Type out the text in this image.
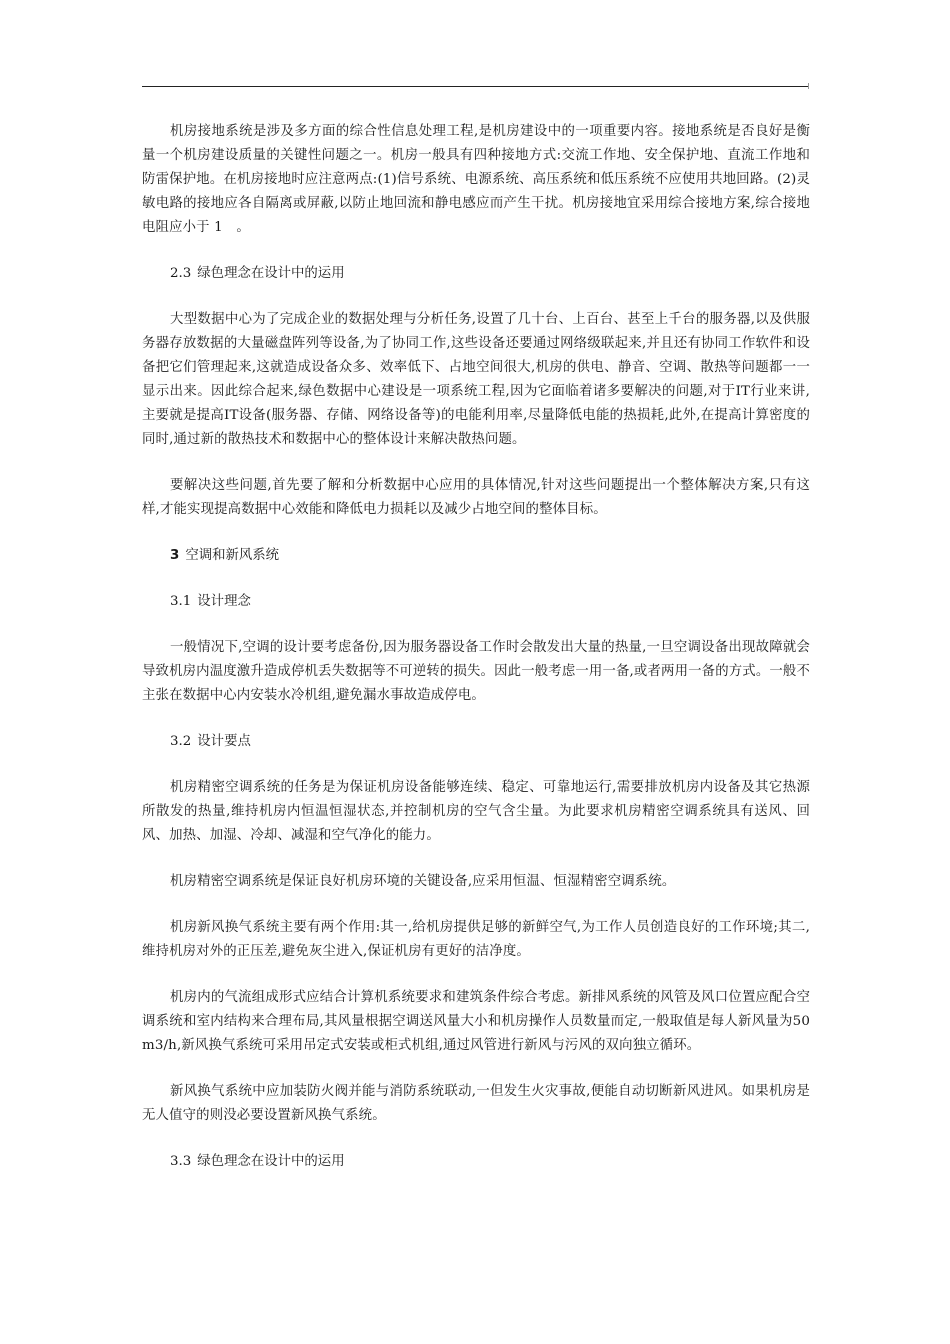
机房接地系统是涉及多方面的综合性信息处理工程,是机房建设中的一项重要内容。接地系统是否良好是衡量一个机房建设质量的关键性问题之一。机房一般具有四种接地方式:交流工作地、安全保护地、直流工作地和防雷保护地。在机房接地时应注意两点:(1)信号系统、电源系统、高压系统和低压系统不应使用共地回路。(2)灵敏电路的接地应各自隔离或屏蔽,以防止地回流和静电感应而产生干扰。机房接地宜采用综合接地方案,综合接地电阻应小于 1　。

2.3 绿色理念在设计中的运用

大型数据中心为了完成企业的数据处理与分析任务,设置了几十台、上百台、甚至上千台的服务器,以及供服务器存放数据的大量磁盘阵列等设备,为了协同工作,这些设备还要通过网络级联起来,并且还有协同工作软件和设备把它们管理起来,这就造成设备众多、效率低下、占地空间很大,机房的供电、静音、空调、散热等问题都一一显示出来。因此综合起来,绿色数据中心建设是一项系统工程,因为它面临着诸多要解决的问题,对于IT行业来讲,主要就是提高IT设备(服务器、存储、网络设备等)的电能利用率,尽量降低电能的热损耗,此外,在提高计算密度的同时,通过新的散热技术和数据中心的整体设计来解决散热问题。

要解决这些问题,首先要了解和分析数据中心应用的具体情况,针对这些问题提出一个整体解决方案,只有这样,才能实现提高数据中心效能和降低电力损耗以及减少占地空间的整体目标。

3 空调和新风系统
3.1 设计理念

一般情况下,空调的设计要考虑备份,因为服务器设备工作时会散发出大量的热量,一旦空调设备出现故障就会导致机房内温度激升造成停机丢失数据等不可逆转的损失。因此一般考虑一用一备,或者两用一备的方式。一般不主张在数据中心内安装水冷机组,避免漏水事故造成停电。

3.2 设计要点

机房精密空调系统的任务是为保证机房设备能够连续、稳定、可靠地运行,需要排放机房内设备及其它热源所散发的热量,维持机房内恒温恒湿状态,并控制机房的空气含尘量。为此要求机房精密空调系统具有送风、回风、加热、加湿、冷却、减湿和空气净化的能力。

机房精密空调系统是保证良好机房环境的关键设备,应采用恒温、恒湿精密空调系统。

机房新风换气系统主要有两个作用:其一,给机房提供足够的新鲜空气,为工作人员创造良好的工作环境;其二,维持机房对外的正压差,避免灰尘进入,保证机房有更好的洁净度。

机房内的气流组成形式应结合计算机系统要求和建筑条件综合考虑。新排风系统的风管及风口位置应配合空调系统和室内结构来合理布局,其风量根据空调送风量大小和机房操作人员数量而定,一般取值是每人新风量为50m3/h,新风换气系统可采用吊定式安装或柜式机组,通过风管进行新风与污风的双向独立循环。

新风换气系统中应加装防火阀并能与消防系统联动,一但发生火灾事故,便能自动切断新风进风。如果机房是无人值守的则没必要设置新风换气系统。

3.3 绿色理念在设计中的运用
